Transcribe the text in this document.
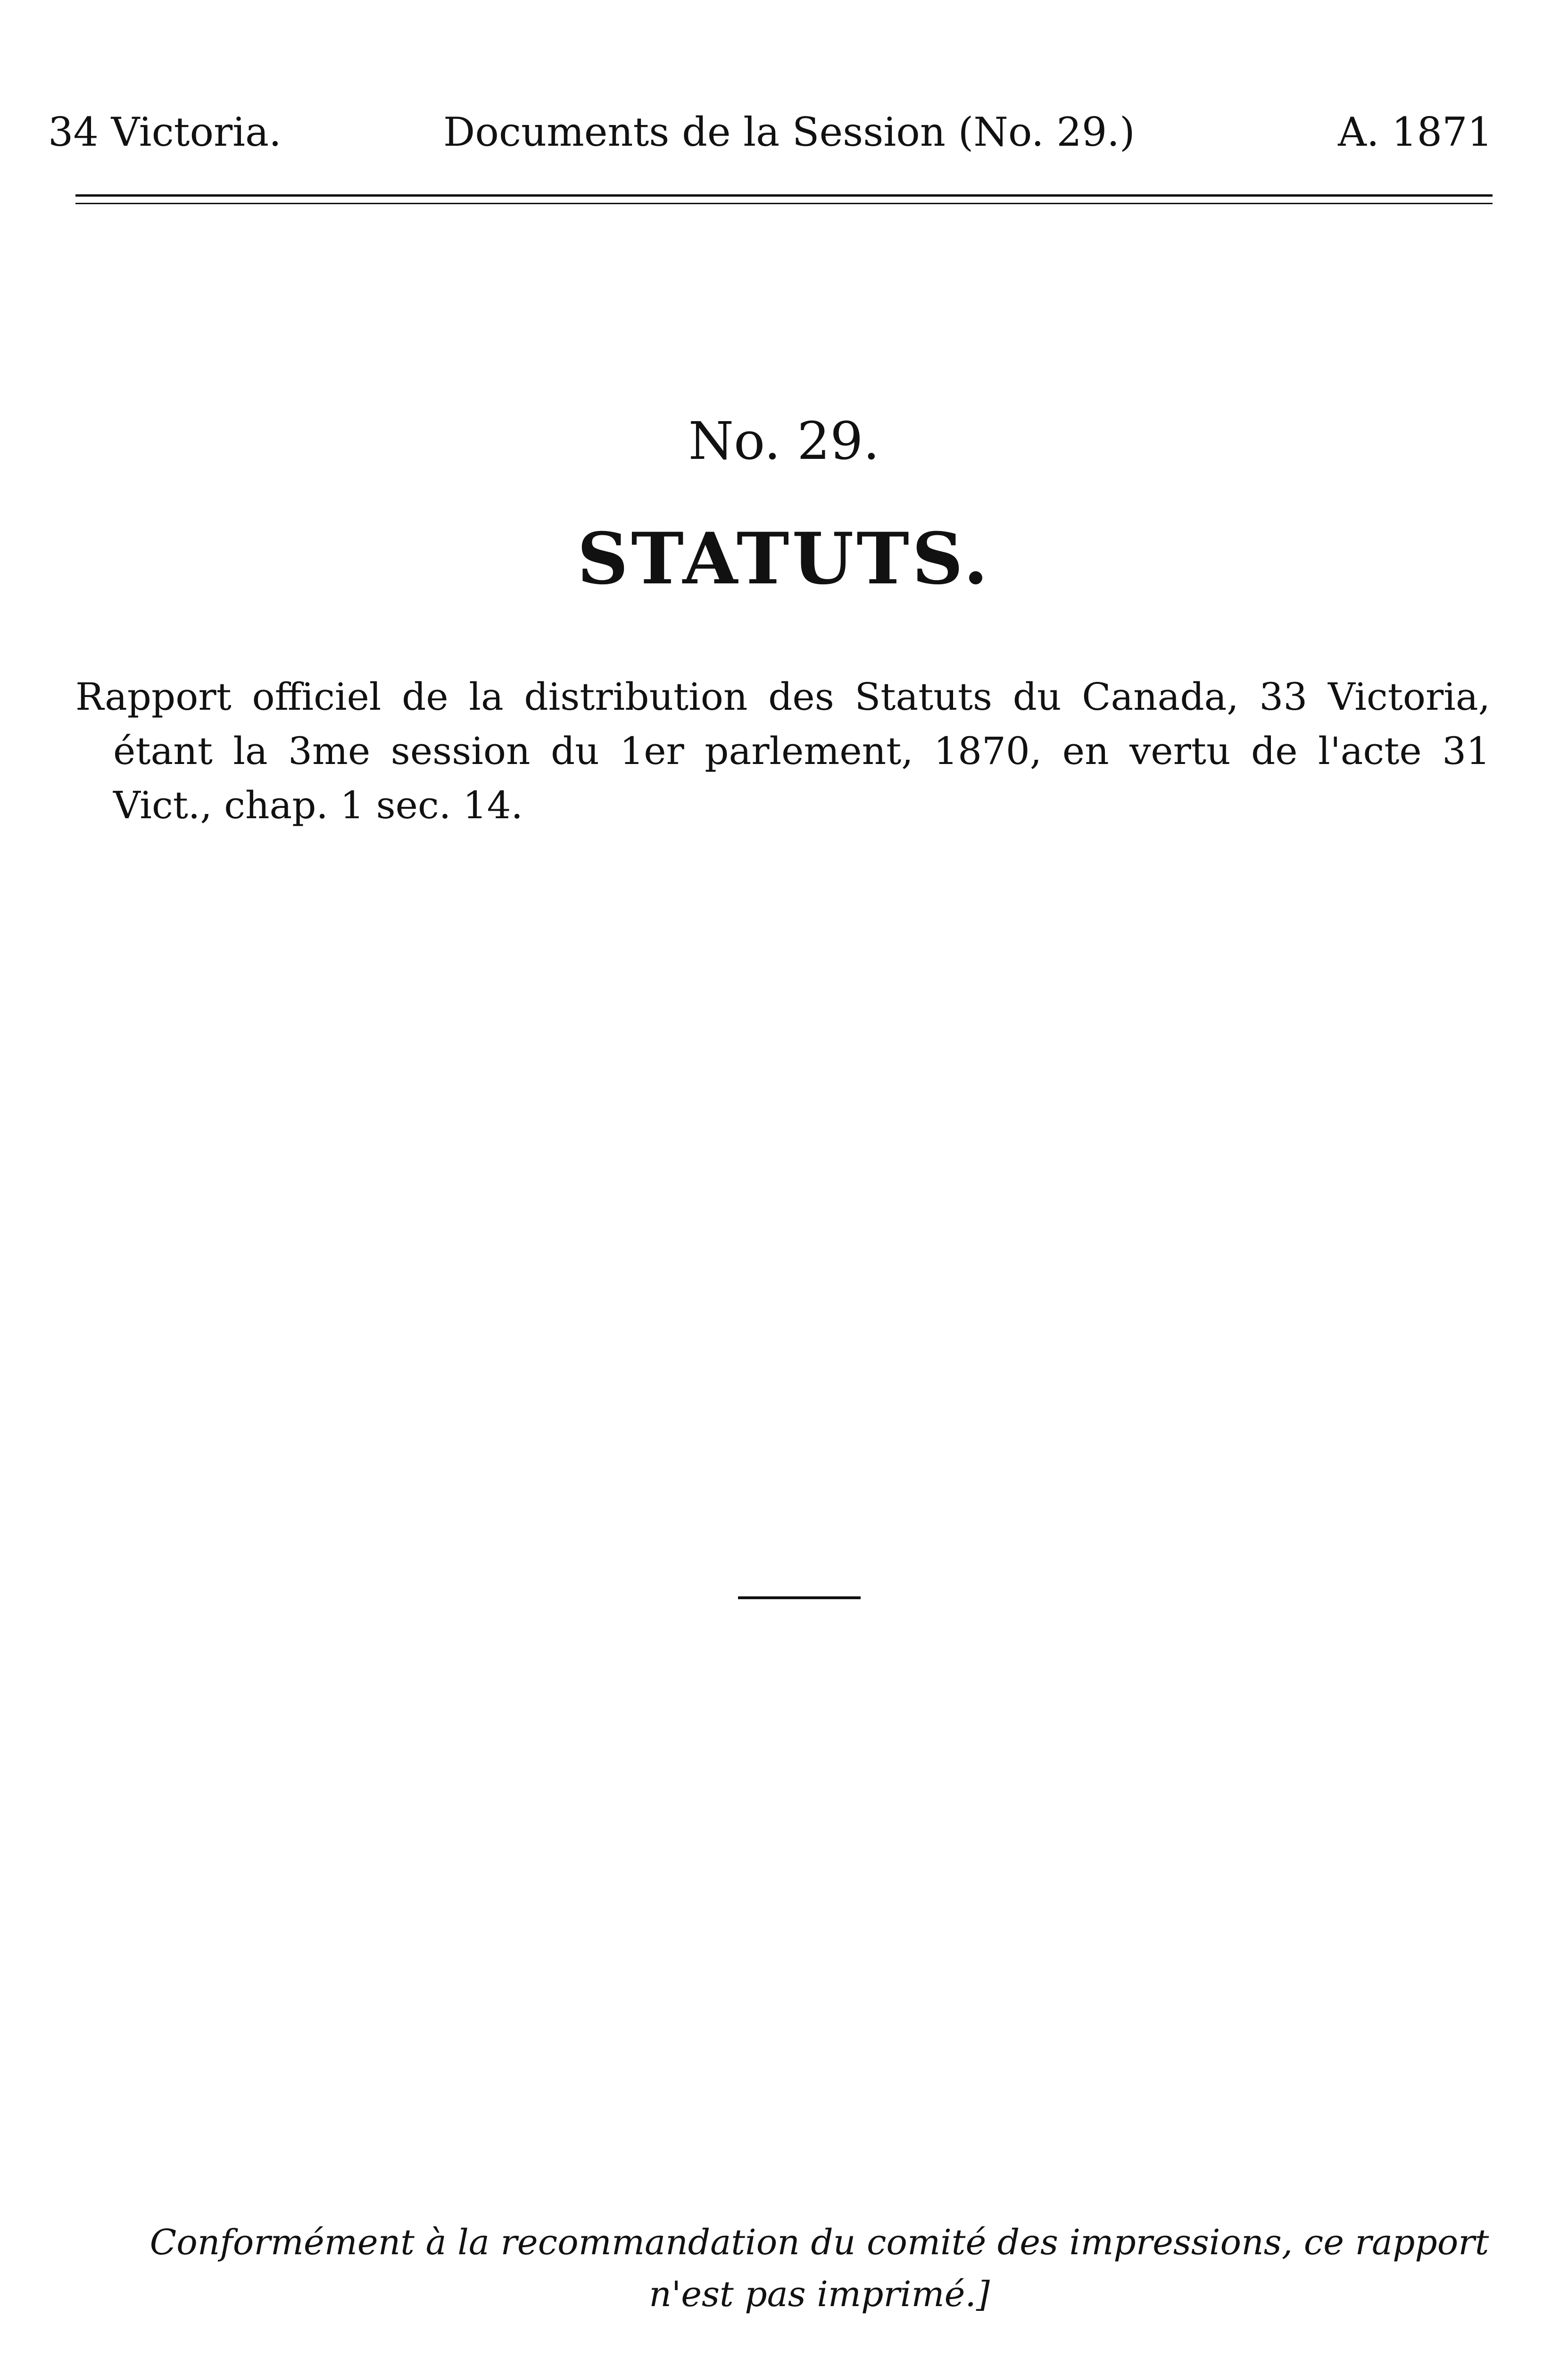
34 Victoria.	Documents de la Session (No. 29.)	A. 1871
No. 29.
STATUTS.
Rapport officiel de la distribution des Statuts du Canada, 33 Victoria, étant la 3me session du 1er parlement, 1870, en vertu de l'acte 31 Vict., chap. 1 sec. 14.
Conformément à la recommandation du comité des impressions, ce rapport n'est pas imprimé.]
